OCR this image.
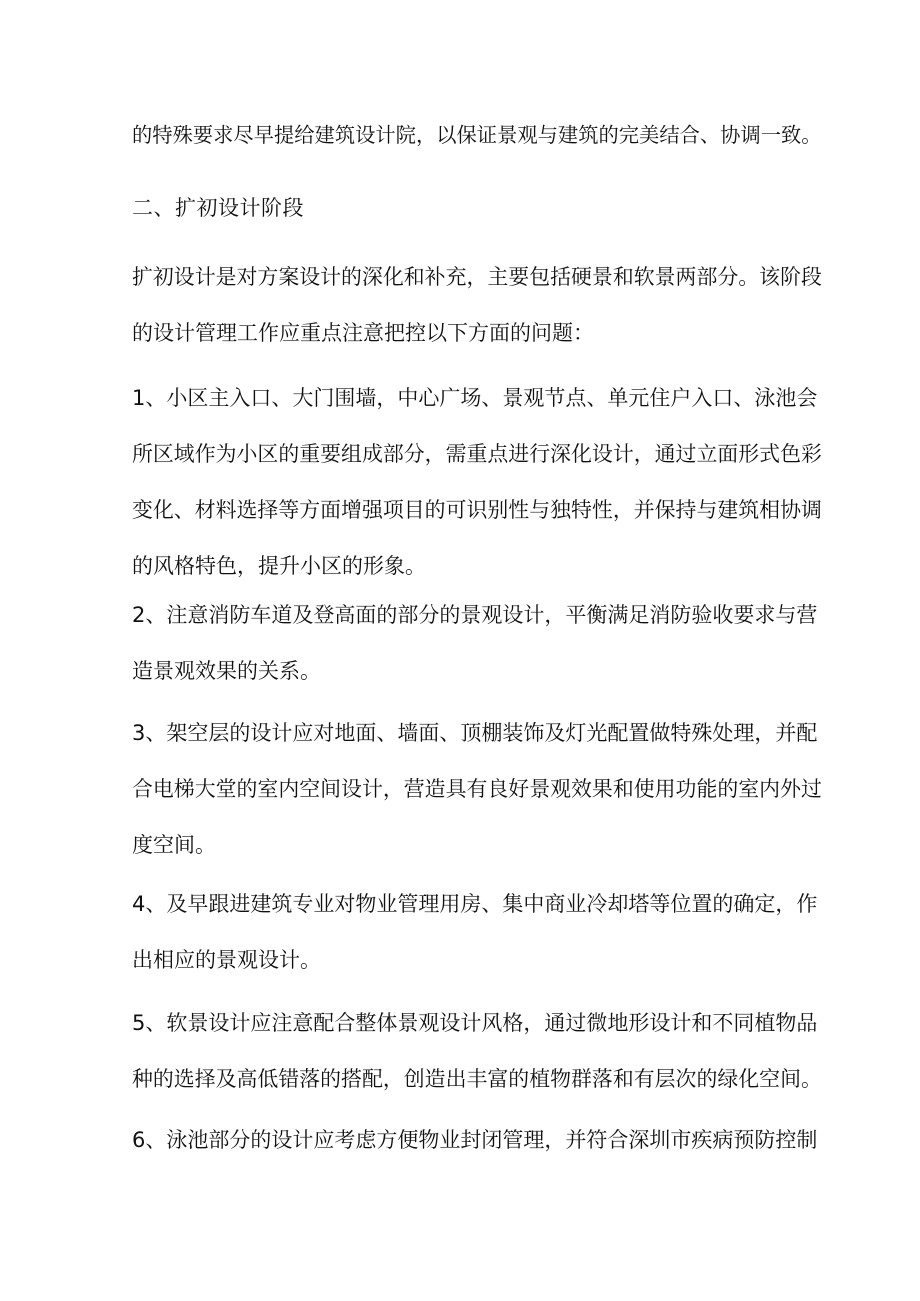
的特殊要求尽早提给建筑设计院，以保证景观与建筑的完美结合、协调一致。

二、扩初设计阶段

扩初设计是对方案设计的深化和补充，主要包括硬景和软景两部分。该阶段
的设计管理工作应重点注意把控以下方面的问题：

1、小区主入口、大门围墙，中心广场、景观节点、单元住户入口、泳池会
所区域作为小区的重要组成部分，需重点进行深化设计，通过立面形式色彩
变化、材料选择等方面增强项目的可识别性与独特性，并保持与建筑相协调
的风格特色，提升小区的形象。

2、注意消防车道及登高面的部分的景观设计，平衡满足消防验收要求与营
造景观效果的关系。

3、架空层的设计应对地面、墙面、顶棚装饰及灯光配置做特殊处理，并配
合电梯大堂的室内空间设计，营造具有良好景观效果和使用功能的室内外过
度空间。

4、及早跟进建筑专业对物业管理用房、集中商业冷却塔等位置的确定，作
出相应的景观设计。

5、软景设计应注意配合整体景观设计风格，通过微地形设计和不同植物品
种的选择及高低错落的搭配，创造出丰富的植物群落和有层次的绿化空间。

6、泳池部分的设计应考虑方便物业封闭管理，并符合深圳市疾病预防控制
